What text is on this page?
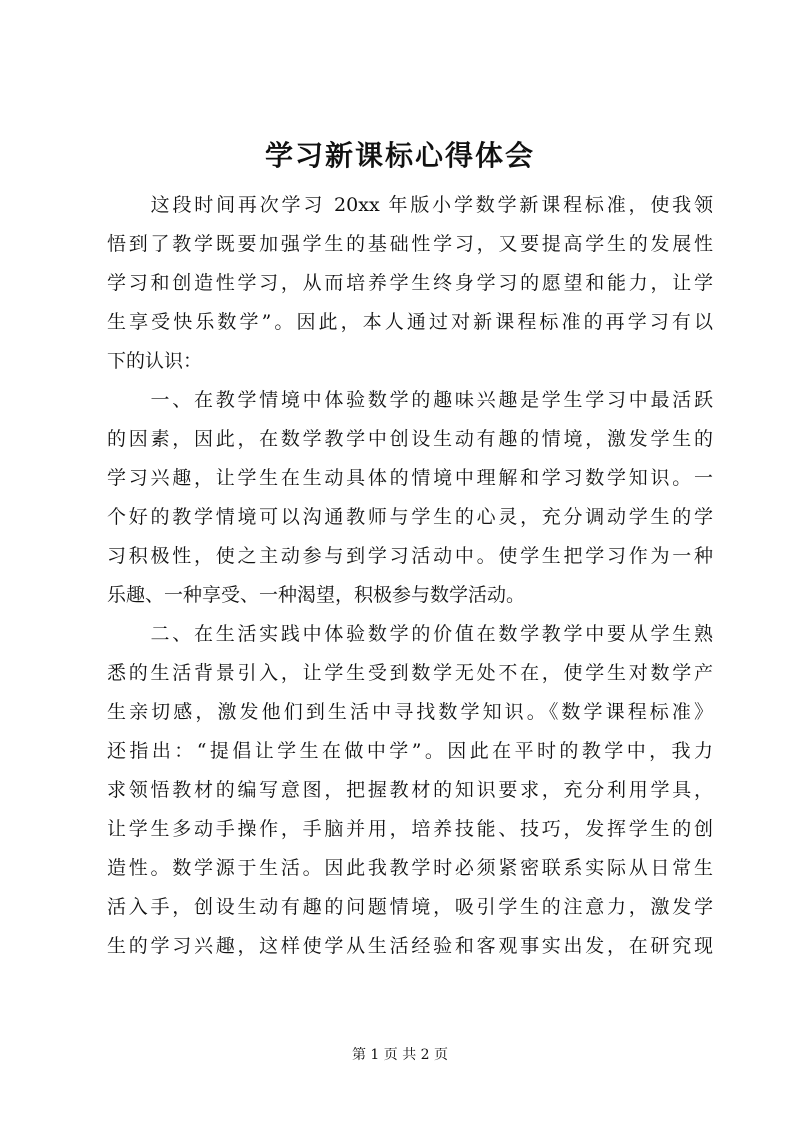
学习新课标心得体会
　　这段时间再次学习 20xx 年版小学数学新课程标准，使我领
悟到了教学既要加强学生的基础性学习，又要提高学生的发展性
学习和创造性学习，从而培养学生终身学习的愿望和能力，让学
生享受快乐数学”。因此，本人通过对新课程标准的再学习有以
下的认识：
　　一、在教学情境中体验数学的趣味兴趣是学生学习中最活跃
的因素，因此，在数学教学中创设生动有趣的情境，激发学生的
学习兴趣，让学生在生动具体的情境中理解和学习数学知识。一
个好的教学情境可以沟通教师与学生的心灵，充分调动学生的学
习积极性，使之主动参与到学习活动中。使学生把学习作为一种
乐趣、一种享受、一种渴望，积极参与数学活动。
　　二、在生活实践中体验数学的价值在数学教学中要从学生熟
悉的生活背景引入，让学生受到数学无处不在，使学生对数学产
生亲切感，激发他们到生活中寻找数学知识。《数学课程标准》
还指出：“提倡让学生在做中学”。因此在平时的教学中，我力
求领悟教材的编写意图，把握教材的知识要求，充分利用学具，
让学生多动手操作，手脑并用，培养技能、技巧，发挥学生的创
造性。数学源于生活。因此我教学时必须紧密联系实际从日常生
活入手，创设生动有趣的问题情境，吸引学生的注意力，激发学
生的学习兴趣，这样使学从生活经验和客观事实出发，在研究现
第 1 页 共 2 页
